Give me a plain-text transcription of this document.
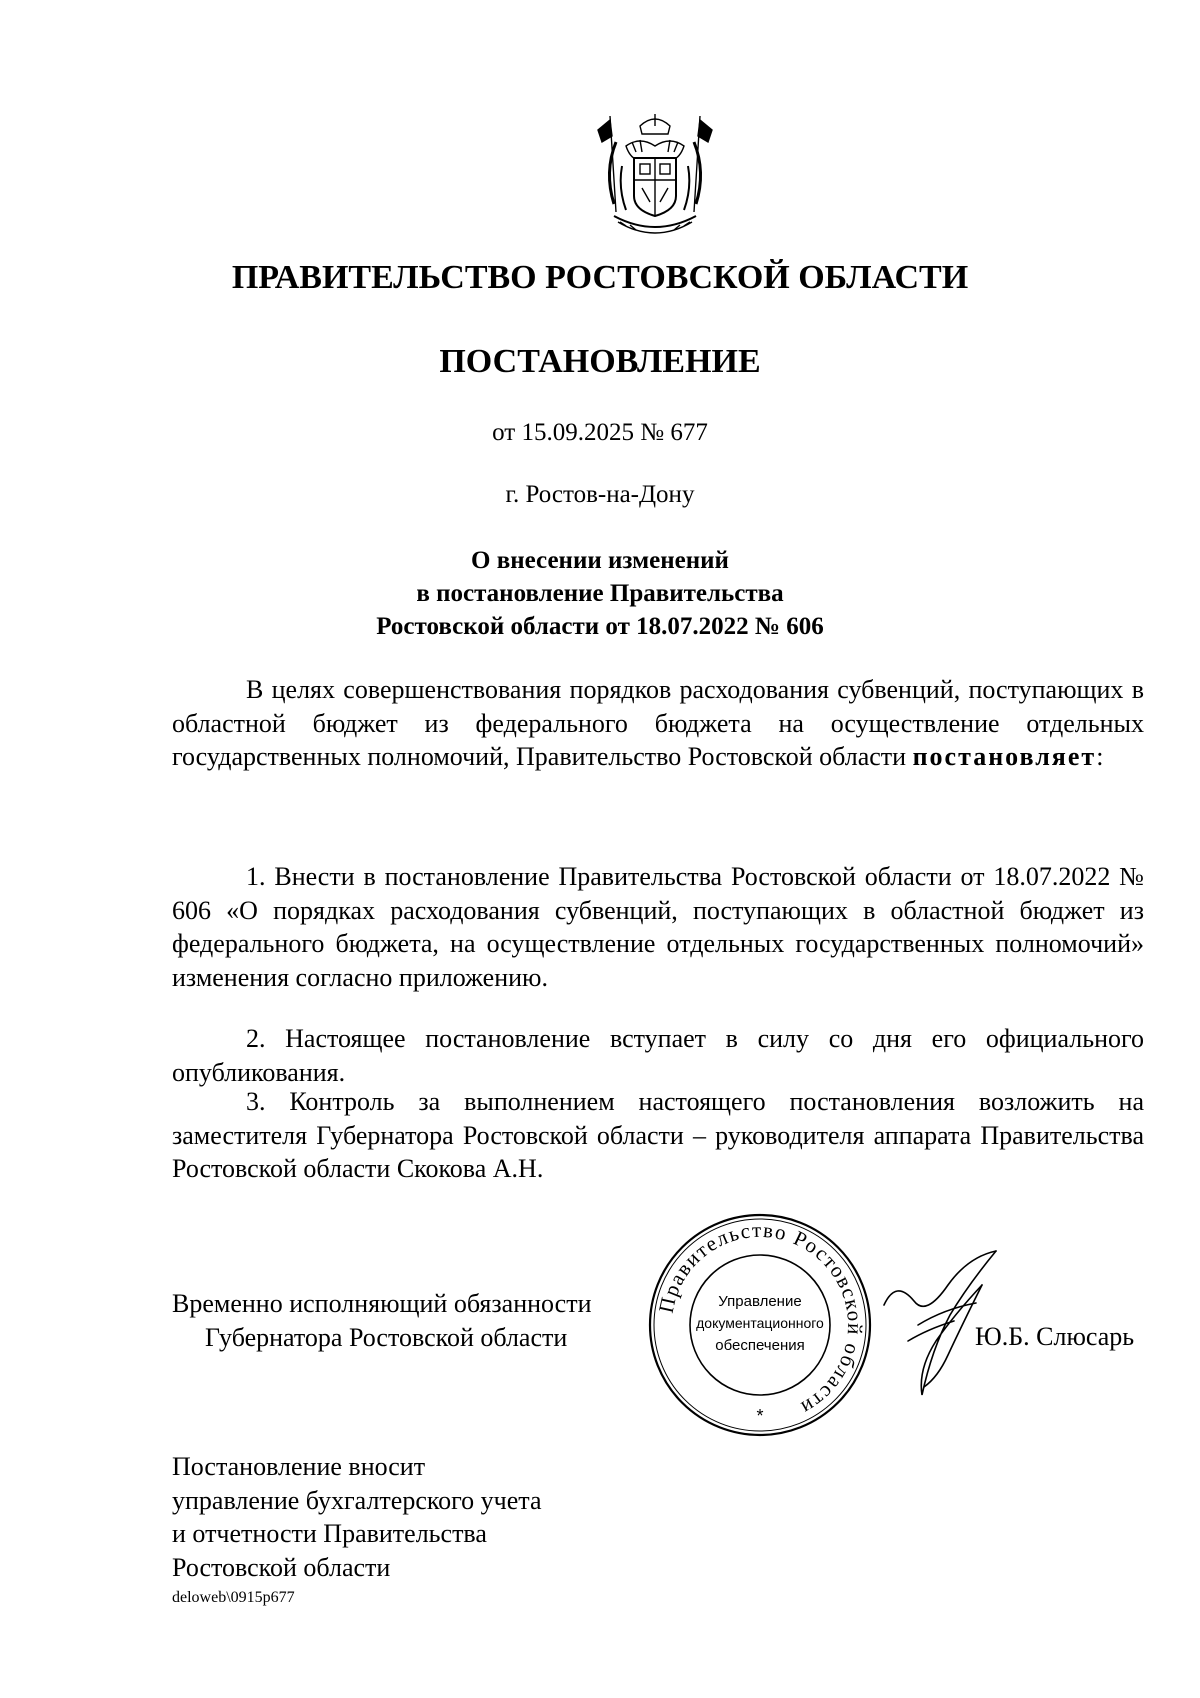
ПРАВИТЕЛЬСТВО РОСТОВСКОЙ ОБЛАСТИ
ПОСТАНОВЛЕНИЕ
от 15.09.2025 № 677
г. Ростов-на-Дону
О внесении изменений
в постановление Правительства
Ростовской области от 18.07.2022 № 606
В целях совершенствования порядков расходования субвенций, поступающих в областной бюджет из федерального бюджета на осуществление отдельных государственных полномочий, Правительство Ростовской области постановляет:
1. Внести в постановление Правительства Ростовской области от 18.07.2022 № 606 «О порядках расходования субвенций, поступающих в областной бюджет из федерального бюджета, на осуществление отдельных государственных полномочий» изменения согласно приложению.
2. Настоящее постановление вступает в силу со дня его официального опубликования.
3. Контроль за выполнением настоящего постановления возложить на заместителя Губернатора Ростовской области – руководителя аппарата Правительства Ростовской области Скокова А.Н.
Временно исполняющий обязанности
Губернатора Ростовской области
Правительство Ростовской области
Управление
документационного
обеспечения
*
Ю.Б. Слюсарь
Постановление вносит
управление бухгалтерского учета
и отчетности Правительства
Ростовской области
deloweb\0915p677
